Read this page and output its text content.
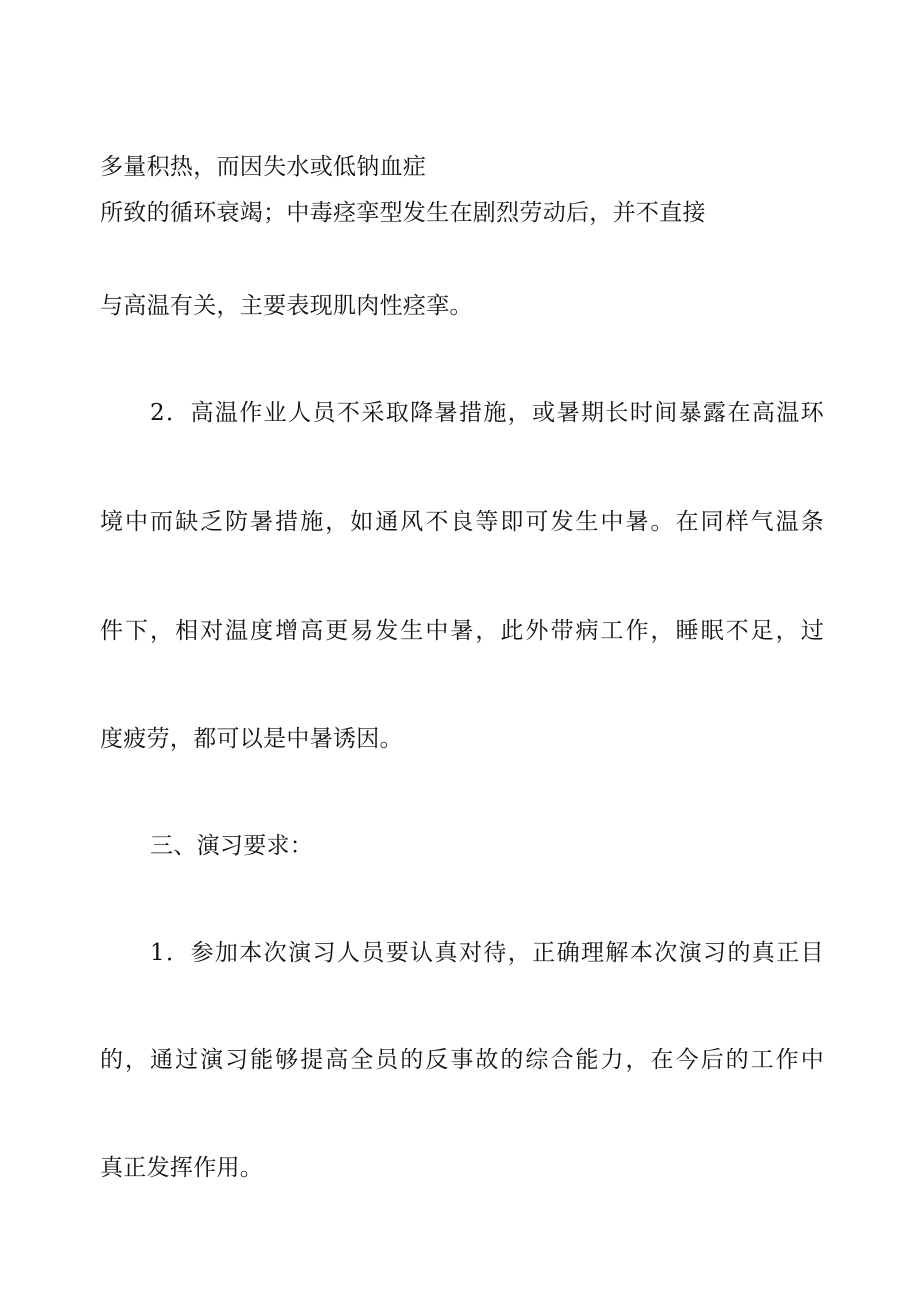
多量积热，而因失水或低钠血症
所致的循环衰竭；中毒痉挛型发生在剧烈劳动后，并不直接
与高温有关，主要表现肌肉性痉挛。
2．高温作业人员不采取降暑措施，或暑期长时间暴露在高温环
境中而缺乏防暑措施，如通风不良等即可发生中暑。在同样气温条
件下，相对温度增高更易发生中暑，此外带病工作，睡眠不足，过
度疲劳，都可以是中暑诱因。
三、演习要求：
1．参加本次演习人员要认真对待，正确理解本次演习的真正目
的，通过演习能够提高全员的反事故的综合能力，在今后的工作中
真正发挥作用。
